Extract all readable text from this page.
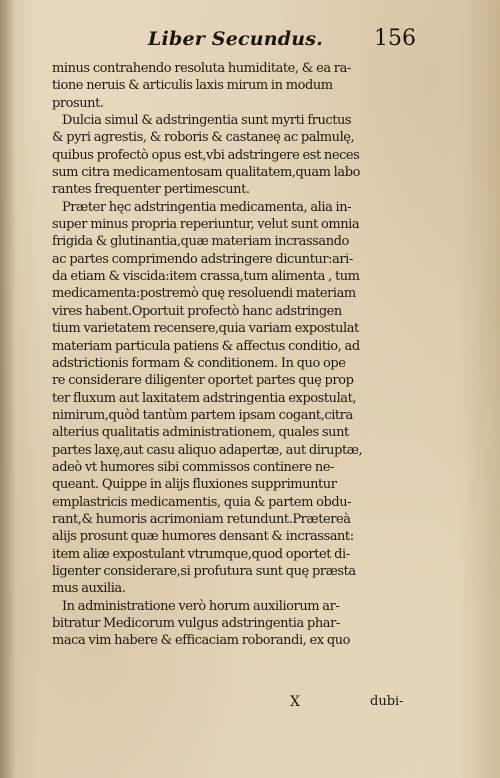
Liber Secundus. 156
minus contrahendo resoluta humiditate, & ea ra-
tione neruis & articulis laxis mirum in modum
prosunt.
Dulcia simul & adstringentia sunt myrti fructus
& pyri agrestis, & roboris & castaneę ac palmulę,
quibus profectò opus est,vbi adstringere est neces
sum citra medicamentosam qualitatem,quam labo
rantes frequenter pertimescunt.
Prӕter hęc adstringentia medicamenta, alia in-
super minus propria reperiuntur, velut sunt omnia
frigida & glutinantia,quӕ materiam incrassando
ac partes comprimendo adstringere dicuntur:ari-
da etiam & viscida:item crassa,tum alimenta , tum
medicamenta:postremò quę resoluendi materiam
vires habent.Oportuit profectò hanc adstringen
tium varietatem recensere,quia variam expostulat
materiam particula patiens & affectus conditio, ad
adstrictionis formam & conditionem. In quo ope
re considerare diligenter oportet partes quę prop
ter fluxum aut laxitatem adstringentia expostulat,
nimirum,quòd tantùm partem ipsam cogant,citra
alterius qualitatis administrationem, quales sunt
partes laxę,aut casu aliquo adapertӕ, aut diruptӕ,
adeò vt humores sibi commissos continere ne-
queant. Quippe in alijs fluxiones supprimuntur
emplastricis medicamentis, quia & partem obdu-
rant,& humoris acrimoniam retundunt.Prӕtereà
alijs prosunt quӕ humores densant & incrassant:
item aliӕ expostulant vtrumque,quod oportet di-
ligenter considerare,si profutura sunt quę prӕsta
mus auxilia.
In administratione verò horum auxiliorum ar-
bitratur Medicorum vulgus adstringentia phar-
maca vim habere & efficaciam roborandi, ex quo
X	dubi-
